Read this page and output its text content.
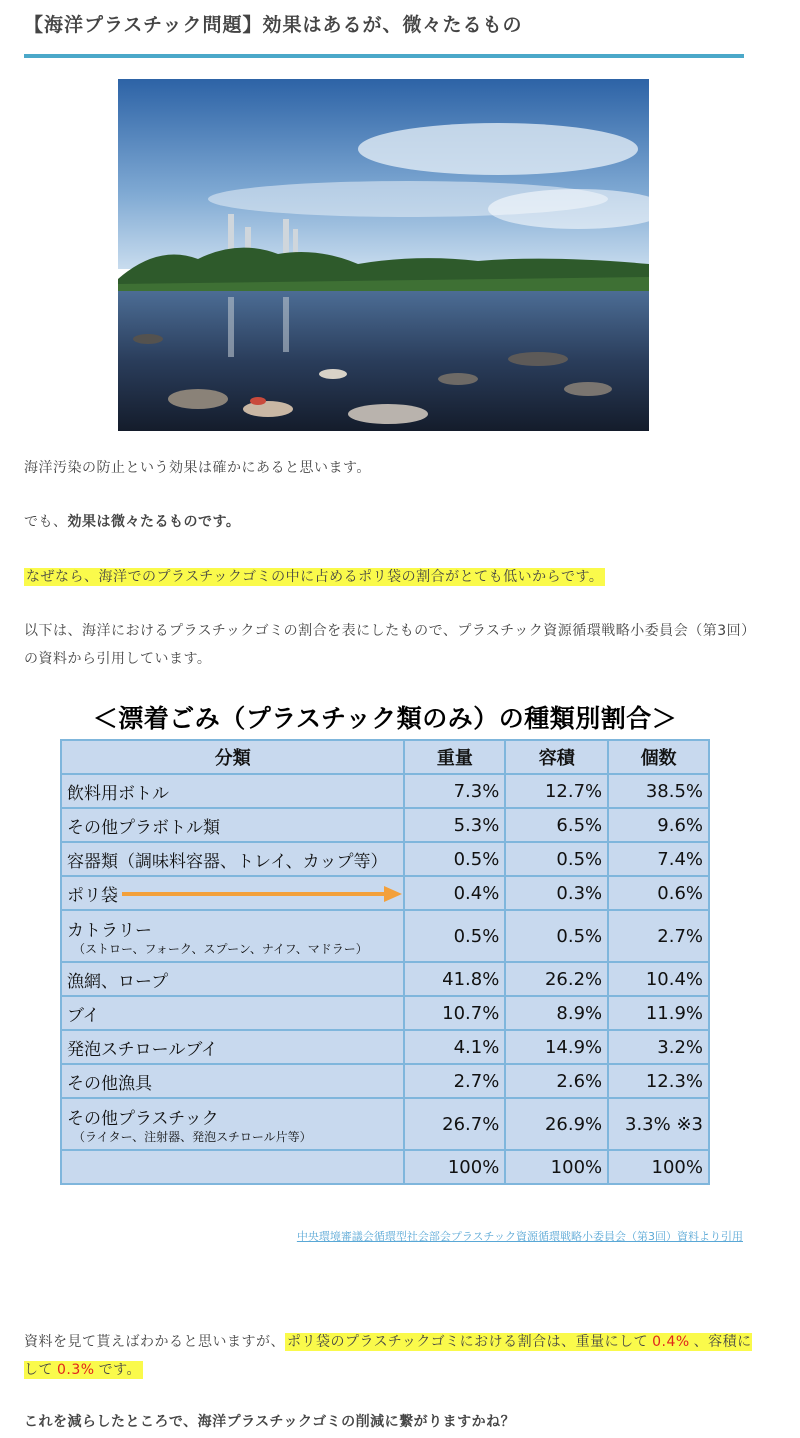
【海洋プラスチック問題】効果はあるが、微々たるもの
海洋汚染の防止という効果は確かにあると思います。
でも、効果は微々たるものです。
なぜなら、海洋でのプラスチックゴミの中に占めるポリ袋の割合がとても低いからです。
以下は、海洋におけるプラスチックゴミの割合を表にしたもので、プラスチック資源循環戦略小委員会（第3回）の資料から引用しています。
＜漂着ごみ（プラスチック類のみ）の種類別割合＞
分類	重量	容積	個数
飲料用ボトル	7.3%	12.7%	38.5%
その他プラボトル類	5.3%	6.5%	9.6%
容器類（調味料容器、トレイ、カップ等）	0.5%	0.5%	7.4%
ポリ袋	0.4%	0.3%	0.6%
カトラリー
（ストロー、フォーク、スプーン、ナイフ、マドラー）	0.5%	0.5%	2.7%
漁網、ロープ	41.8%	26.2%	10.4%
ブイ	10.7%	8.9%	11.9%
発泡スチロールブイ	4.1%	14.9%	3.2%
その他漁具	2.7%	2.6%	12.3%
その他プラスチック
（ライター、注射器、発泡スチロール片等）	26.7%	26.9%	3.3% ※3
	100%	100%	100%
中央環境審議会循環型社会部会プラスチック資源循環戦略小委員会（第3回）資料より引用
資料を見て貰えばわかると思いますが、 ポリ袋のプラスチックゴミにおける割合は、重量にして 0.4% 、容積にして 0.3% です。
これを減らしたところで、海洋プラスチックゴミの削減に繋がりますかね？
